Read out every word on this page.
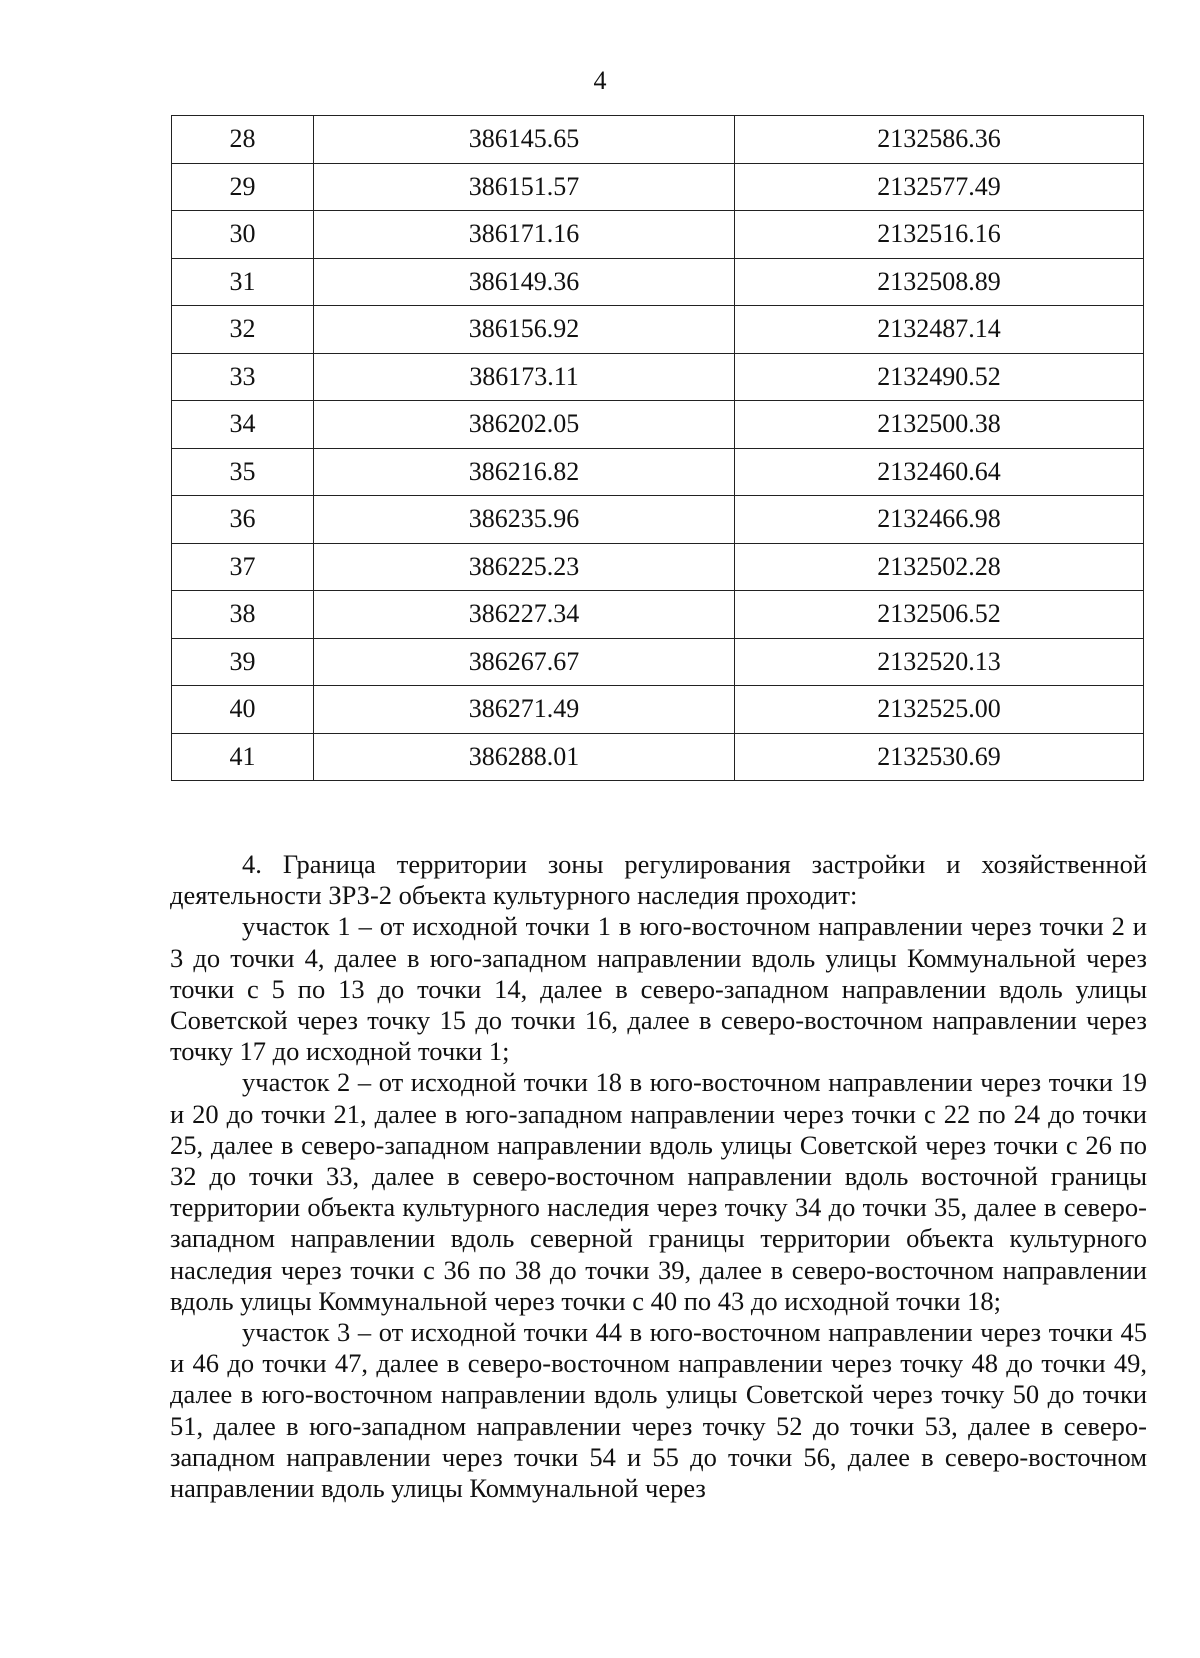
4
28	386145.65	2132586.36
29	386151.57	2132577.49
30	386171.16	2132516.16
31	386149.36	2132508.89
32	386156.92	2132487.14
33	386173.11	2132490.52
34	386202.05	2132500.38
35	386216.82	2132460.64
36	386235.96	2132466.98
37	386225.23	2132502.28
38	386227.34	2132506.52
39	386267.67	2132520.13
40	386271.49	2132525.00
41	386288.01	2132530.69

4. Граница территории зоны регулирования застройки и хозяйственной деятельности ЗРЗ-2 объекта культурного наследия проходит:

участок 1 – от исходной точки 1 в юго-восточном направлении через точки 2 и 3 до точки 4, далее в юго-западном направлении вдоль улицы Коммунальной через точки с 5 по 13 до точки 14, далее в северо-западном направлении вдоль улицы Советской через точку 15 до точки 16, далее в северо-восточном направлении через точку 17 до исходной точки 1;

участок 2 – от исходной точки 18 в юго-восточном направлении через точки 19 и 20 до точки 21, далее в юго-западном направлении через точки с 22 по 24 до точки 25, далее в северо-западном направлении вдоль улицы Советской через точки с 26 по 32 до точки 33, далее в северо-восточном направлении вдоль восточной границы территории объекта культурного наследия через точку 34 до точки 35, далее в северо-западном направлении вдоль северной границы территории объекта культурного наследия через точки с 36 по 38 до точки 39, далее в северо-восточном направлении вдоль улицы Коммунальной через точки с 40 по 43 до исходной точки 18;

участок 3 – от исходной точки 44 в юго-восточном направлении через точки 45 и 46 до точки 47, далее в северо-восточном направлении через точку 48 до точки 49, далее в юго-восточном направлении вдоль улицы Советской через точку 50 до точки 51, далее в юго-западном направлении через точку 52 до точки 53, далее в северо-западном направлении через точки 54 и 55 до точки 56, далее в северо-восточном направлении вдоль улицы Коммунальной через
